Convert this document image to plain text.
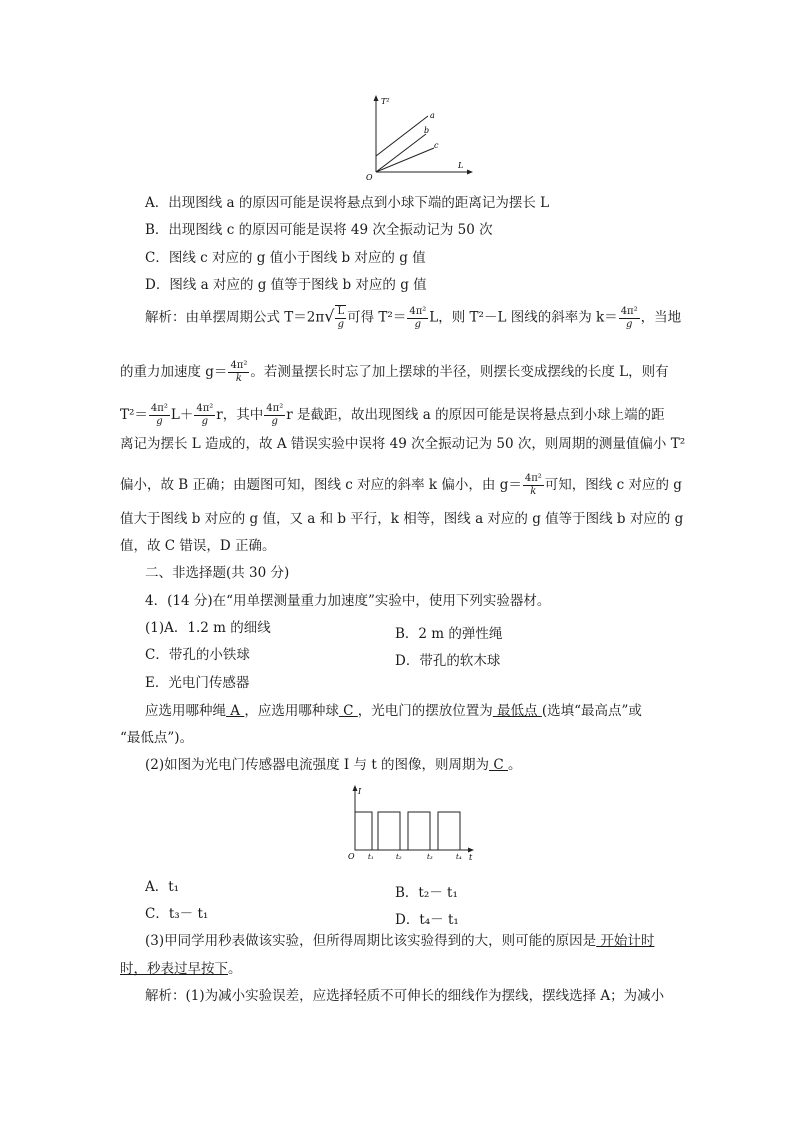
T²
L
O
a
b
c
A．出现图线 a 的原因可能是误将悬点到小球下端的距离记为摆长 L
B．出现图线 c 的原因可能是误将 49 次全振动记为 50 次
C．图线 c 对应的 g 值小于图线 b 对应的 g 值
D．图线 a 对应的 g 值等于图线 b 对应的 g 值
解析：由单摆周期公式 $T=2\pi√ \frac{L}{g}$ 可得 $T^2= \frac{\text{4π²}}{g}$ L，则 T²－L 图线的斜率为 $k= \frac{\text{4π²}}{g}$ ，当地
的重力加速度 $g= \frac{\text{4π²}}{k}$ 。若测量摆长时忘了加上摆球的半径，则摆长变成摆线的长度 L，则有
$T^2= \frac{\text{4π²}}{g} L+ \frac{\text{4π²}}{g}$ r，其中 $\frac{\text{4π²}}{g}$ r 是截距，故出现图线 a 的原因可能是误将悬点到小球上端的距
离记为摆长 L 造成的，故 A 错误实验中误将 49 次全振动记为 50 次，则周期的测量值偏小 T²
偏小，故 B 正确；由题图可知，图线 c 对应的斜率 k 偏小，由 $g= \frac{\text{4π²}}{k}$ 可知，图线 c 对应的 g
值大于图线 b 对应的 g 值，又 a 和 b 平行，k 相等，图线 a 对应的 g 值等于图线 b 对应的 g
值，故 C 错误，D 正确。
二、非选择题(共 30 分)
4．(14 分)在“用单摆测量重力加速度”实验中，使用下列实验器材。
(1)A．1.2 m 的细线	B．2 m 的弹性绳
C．带孔的小铁球	D．带孔的软木球
E．光电门传感器
应选用哪种绳 A ，应选用哪种球 C ，光电门的摆放位置为 最低点 (选填“最高点”或
“最低点”)。
(2)如图为光电门传感器电流强度 I 与 t 的图像，则周期为 C 。
I
t
O t₁	t₂	t₃	t₄
A．t₁	B．t₂－ t₁
C．t₃－ t₁	D．t₄－ t₁
(3)甲同学用秒表做该实验，但所得周期比该实验得到的大，则可能的原因是 开始计时
时，秒表过早按下。
解析：(1)为减小实验误差，应选择轻质不可伸长的细线作为摆线，摆线选择 A；为减小
